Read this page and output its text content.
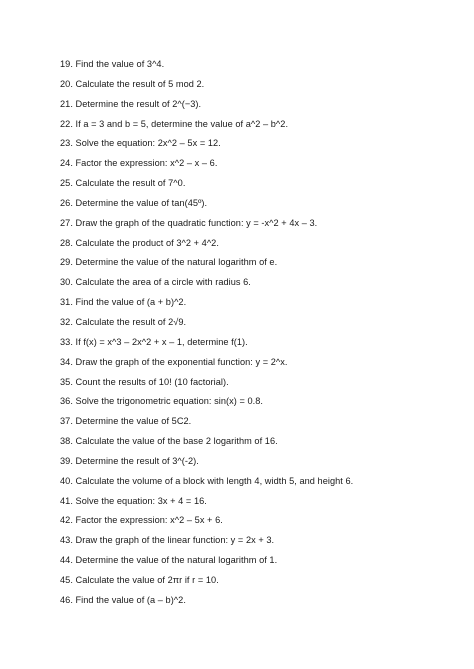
19. Find the value of 3^4.
20. Calculate the result of 5 mod 2.
21. Determine the result of 2^(−3).
22. If a = 3 and b = 5, determine the value of a^2 – b^2.
23. Solve the equation: 2x^2 – 5x = 12.
24. Factor the expression: x^2 – x – 6.
25. Calculate the result of 7^0.
26. Determine the value of tan(45º).
27. Draw the graph of the quadratic function: y = -x^2 + 4x – 3.
28. Calculate the product of 3^2 + 4^2.
29. Determine the value of the natural logarithm of e.
30. Calculate the area of a circle with radius 6.
31. Find the value of (a + b)^2.
32. Calculate the result of 2√9.
33. If f(x) = x^3 – 2x^2 + x – 1, determine f(1).
34. Draw the graph of the exponential function: y = 2^x.
35. Count the results of 10! (10 factorial).
36. Solve the trigonometric equation: sin(x) = 0.8.
37. Determine the value of 5C2.
38. Calculate the value of the base 2 logarithm of 16.
39. Determine the result of 3^(-2).
40. Calculate the volume of a block with length 4, width 5, and height 6.
41. Solve the equation: 3x + 4 = 16.
42. Factor the expression: x^2 – 5x + 6.
43. Draw the graph of the linear function: y = 2x + 3.
44. Determine the value of the natural logarithm of 1.
45. Calculate the value of 2πr if r = 10.
46. Find the value of (a – b)^2.
